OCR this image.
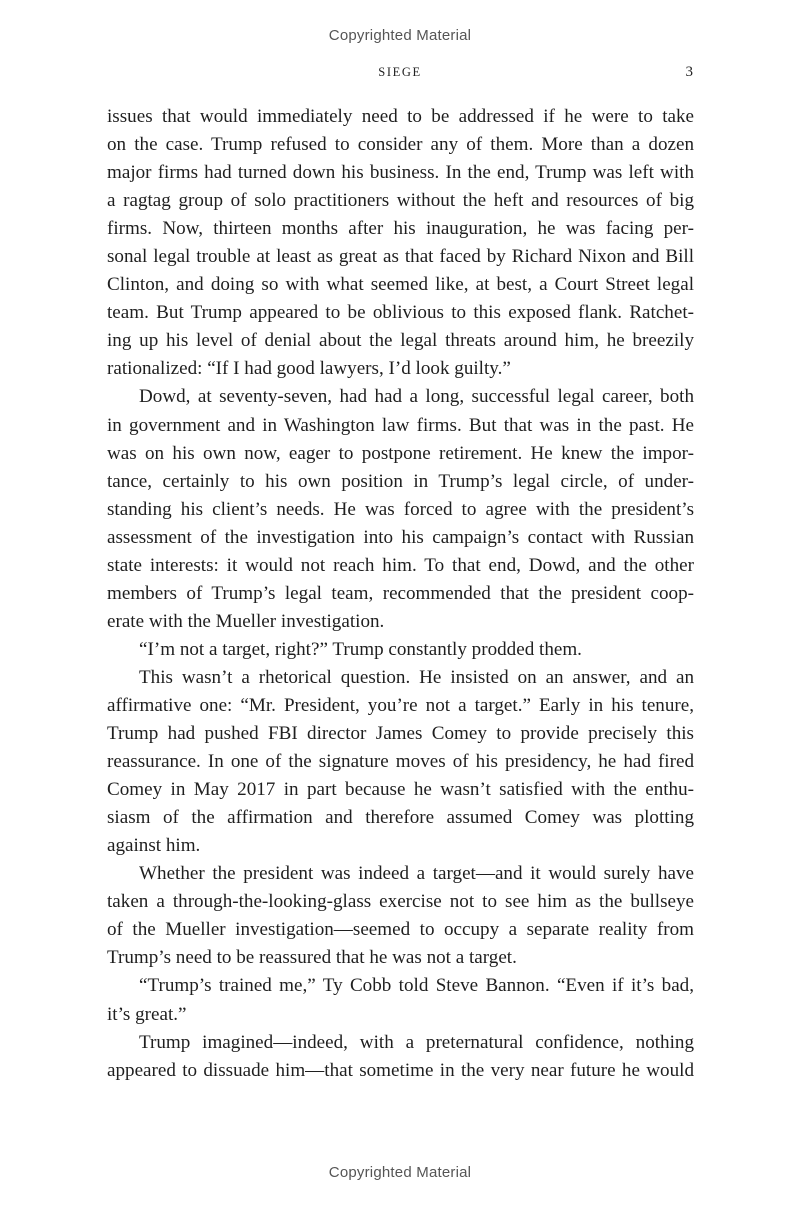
Copyrighted Material
SIEGE	3
issues that would immediately need to be addressed if he were to take
on the case. Trump refused to consider any of them. More than a dozen
major firms had turned down his business. In the end, Trump was left with
a ragtag group of solo practitioners without the heft and resources of big
firms. Now, thirteen months after his inauguration, he was facing per-
sonal legal trouble at least as great as that faced by Richard Nixon and Bill
Clinton, and doing so with what seemed like, at best, a Court Street legal
team. But Trump appeared to be oblivious to this exposed flank. Ratchet-
ing up his level of denial about the legal threats around him, he breezily
rationalized: “If I had good lawyers, I’d look guilty.”
Dowd, at seventy-seven, had had a long, successful legal career, both
in government and in Washington law firms. But that was in the past. He
was on his own now, eager to postpone retirement. He knew the impor-
tance, certainly to his own position in Trump’s legal circle, of under-
standing his client’s needs. He was forced to agree with the president’s
assessment of the investigation into his campaign’s contact with Russian
state interests: it would not reach him. To that end, Dowd, and the other
members of Trump’s legal team, recommended that the president coop-
erate with the Mueller investigation.
“I’m not a target, right?” Trump constantly prodded them.
This wasn’t a rhetorical question. He insisted on an answer, and an
affirmative one: “Mr. President, you’re not a target.” Early in his tenure,
Trump had pushed FBI director James Comey to provide precisely this
reassurance. In one of the signature moves of his presidency, he had fired
Comey in May 2017 in part because he wasn’t satisfied with the enthu-
siasm of the affirmation and therefore assumed Comey was plotting
against him.
Whether the president was indeed a target—and it would surely have
taken a through-the-looking-glass exercise not to see him as the bullseye
of the Mueller investigation—seemed to occupy a separate reality from
Trump’s need to be reassured that he was not a target.
“Trump’s trained me,” Ty Cobb told Steve Bannon. “Even if it’s bad,
it’s great.”
Trump imagined—indeed, with a preternatural confidence, nothing
appeared to dissuade him—that sometime in the very near future he would
Copyrighted Material
